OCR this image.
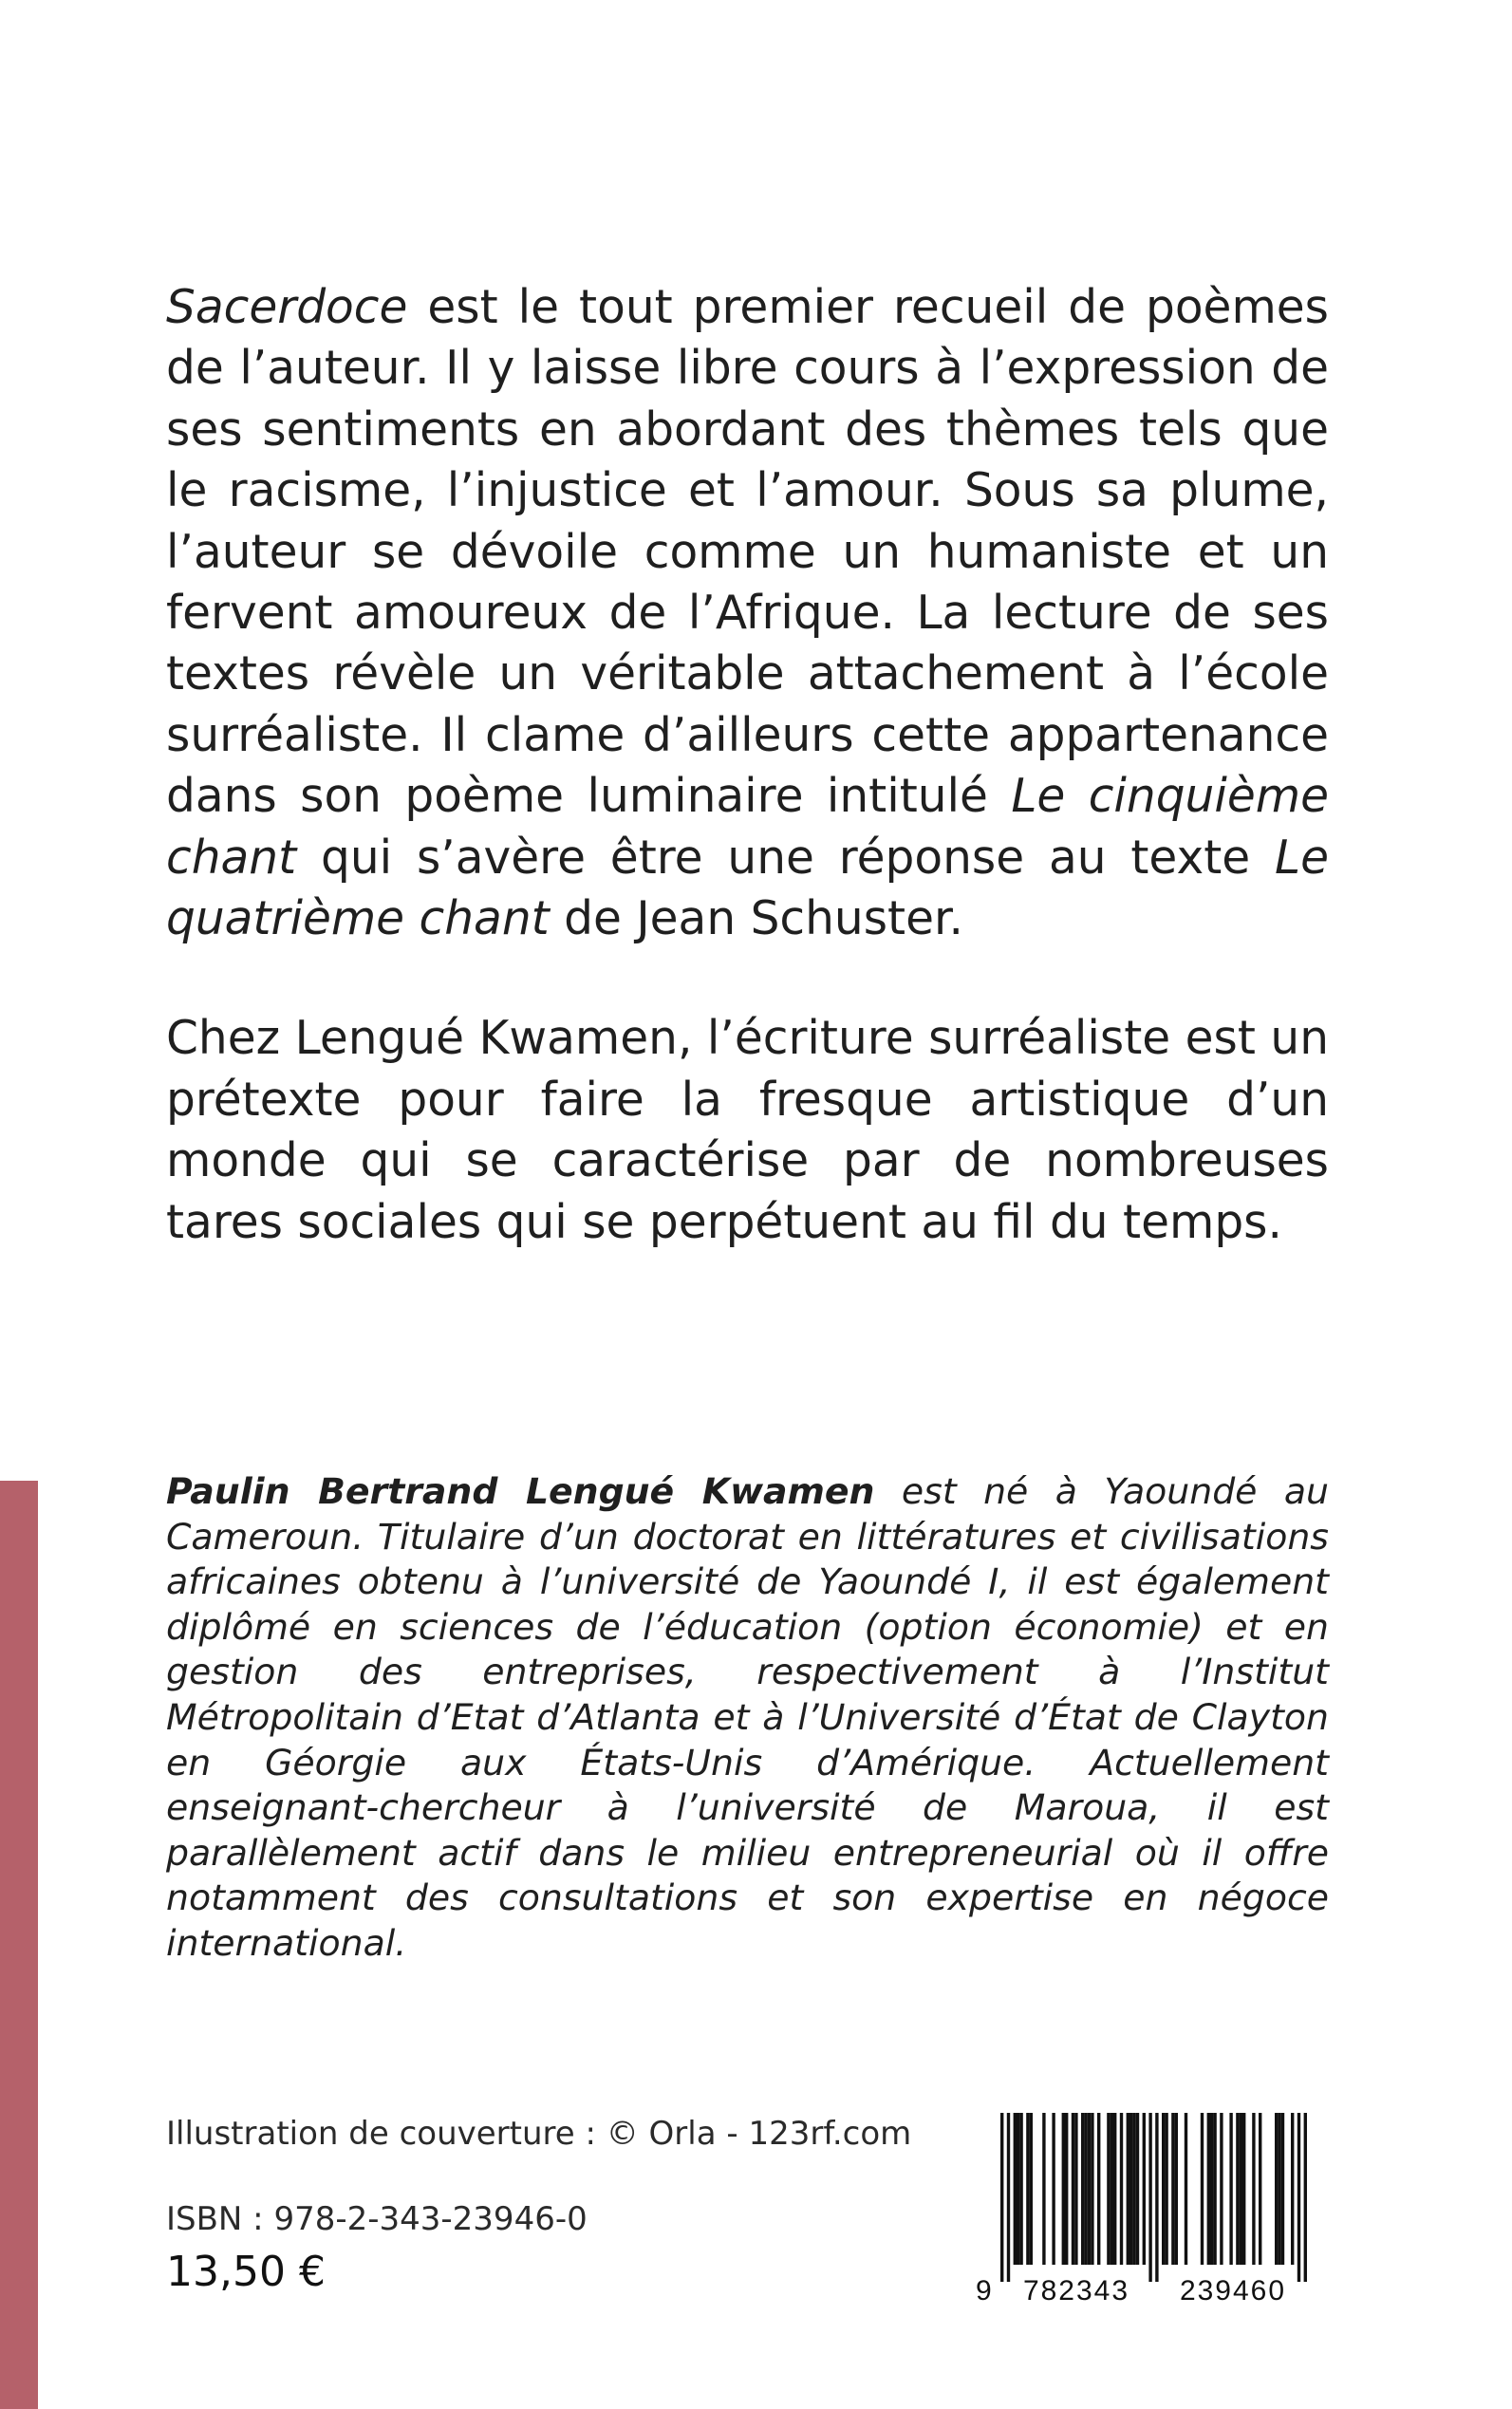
Sacerdoce est le tout premier recueil de poèmes de l’auteur. Il y laisse libre cours à l’expression de ses sentiments en abordant des thèmes tels que le racisme, l’injustice et l’amour. Sous sa plume, l’auteur se dévoile comme un humaniste et un fervent amoureux de l’Afrique. La lecture de ses textes révèle un véritable attachement à l’école surréaliste. Il clame d’ailleurs cette appartenance dans son poème luminaire intitulé Le cinquième chant qui s’avère être une réponse au texte Le quatrième chant de Jean Schuster.

Chez Lengué Kwamen, l’écriture surréaliste est un prétexte pour faire la fresque artistique d’un monde qui se caractérise par de nombreuses tares sociales qui se perpétuent au fil du temps.

Paulin Bertrand Lengué Kwamen est né à Yaoundé au Cameroun. Titulaire d’un doctorat en littératures et civilisations africaines obtenu à l’université de Yaoundé I, il est également diplômé en sciences de l’éducation (option économie) et en gestion des entreprises, respectivement à l’Institut Métropolitain d’Etat d’Atlanta et à l’Université d’État de Clayton en Géorgie aux États-Unis d’Amérique. Actuellement enseignant-chercheur à l’université de Maroua, il est parallèlement actif dans le milieu entrepreneurial où il offre notamment des consultations et son expertise en négoce international.
Illustration de couverture : © Orla - 123rf.com
ISBN : 978-2-343-23946-0
13,50 €	9 782343 239460
